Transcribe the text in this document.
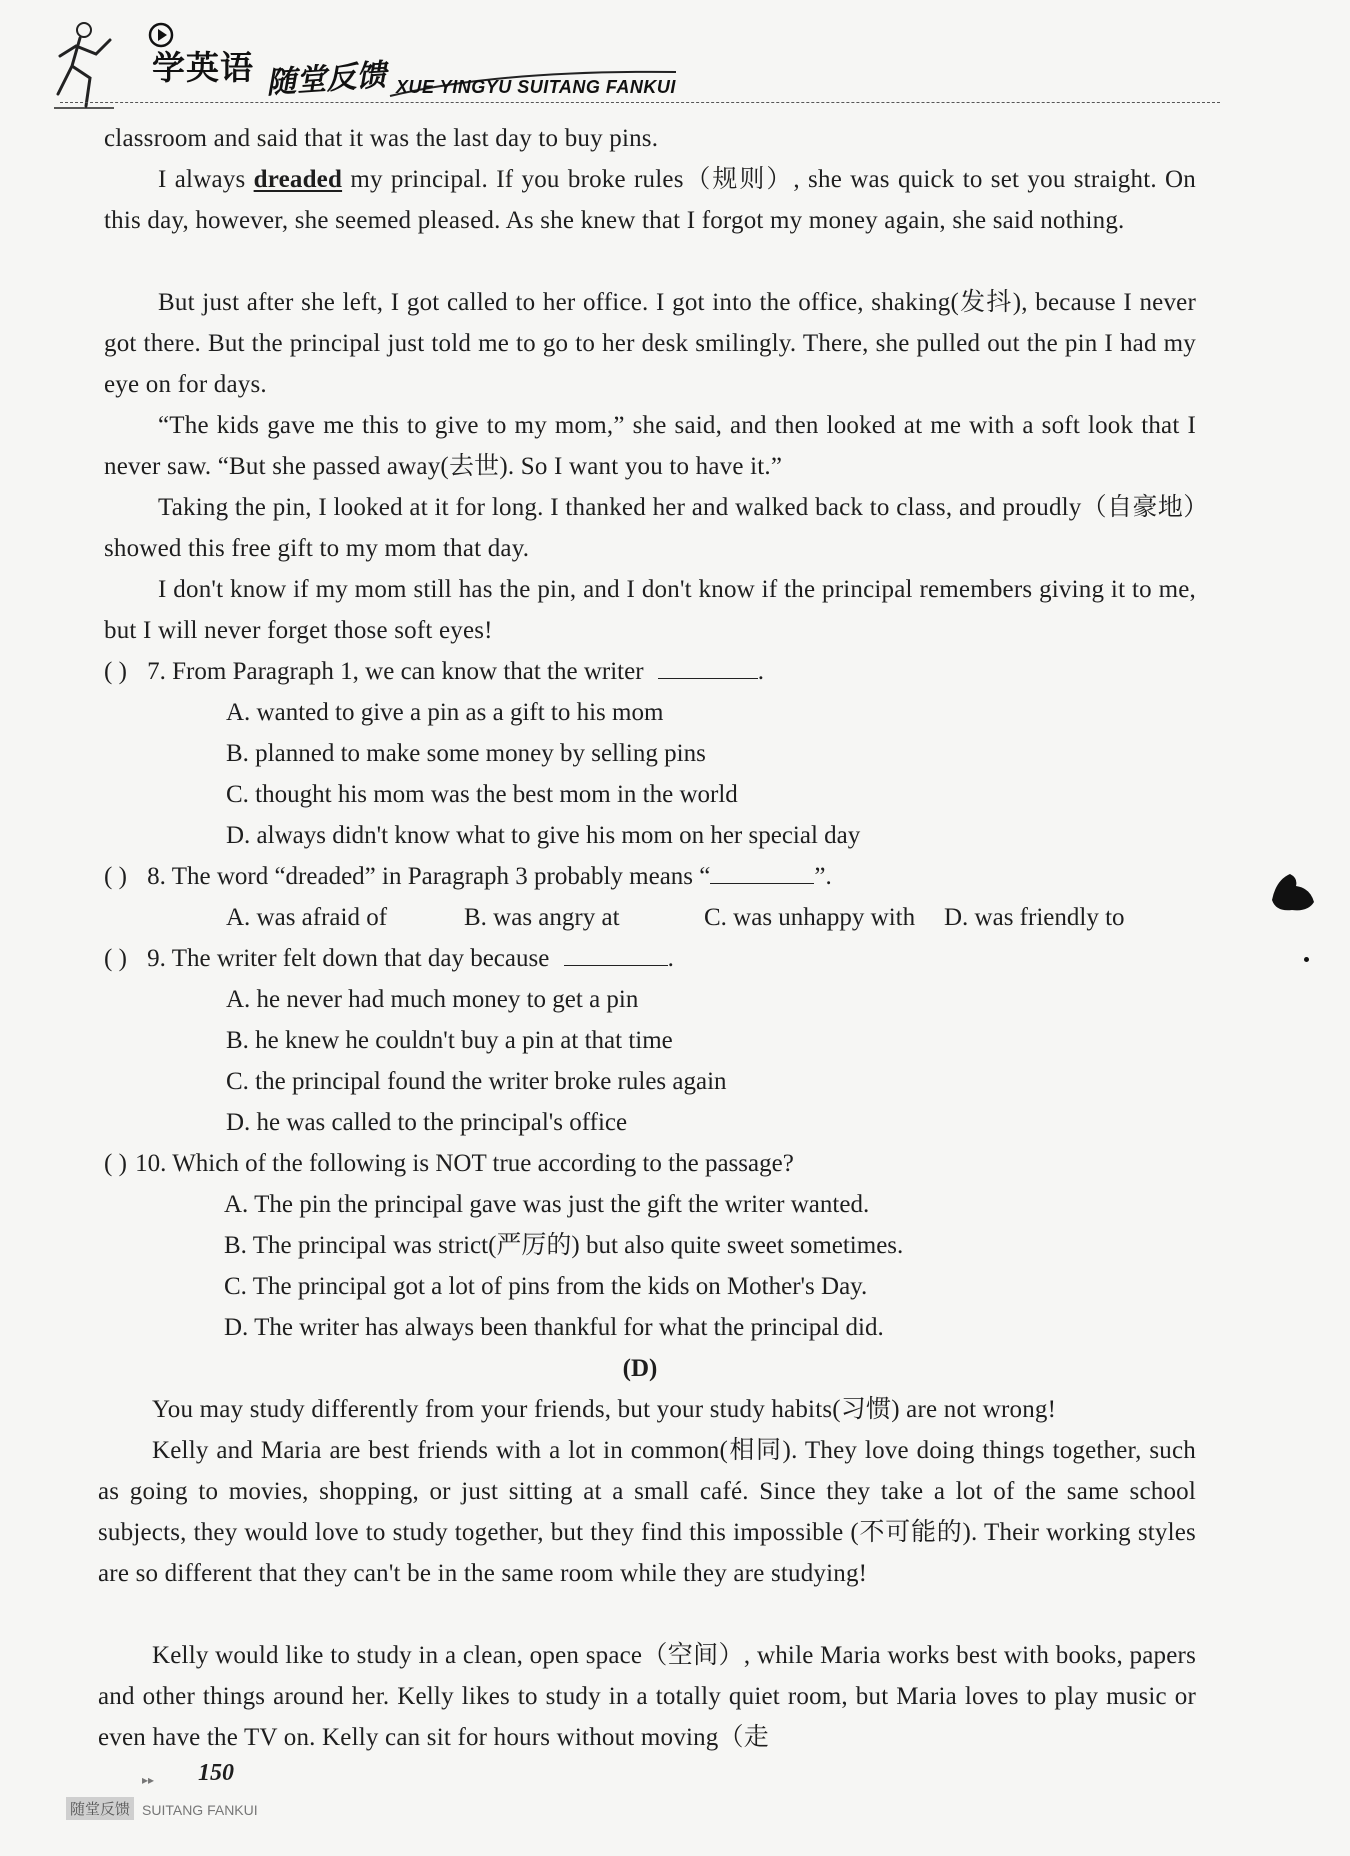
学英语 随堂反馈 XUE YINGYU SUITANG FANKUI
classroom and said that it was the last day to buy pins.
I always dreaded my principal. If you broke rules（规则）, she was quick to set you straight. On this day, however, she seemed pleased. As she knew that I forgot my money again, she said nothing.
But just after she left, I got called to her office. I got into the office, shaking(发抖), because I never got there. But the principal just told me to go to her desk smilingly. There, she pulled out the pin I had my eye on for days.
“The kids gave me this to give to my mom,” she said, and then looked at me with a soft look that I never saw. “But she passed away(去世). So I want you to have it.”
Taking the pin, I looked at it for long. I thanked her and walked back to class, and proudly（自豪地）showed this free gift to my mom that day.
I don't know if my mom still has the pin, and I don't know if the principal remembers giving it to me, but I will never forget those soft eyes!
( ) 7. From Paragraph 1, we can know that the writer	.
A. wanted to give a pin as a gift to his mom
B. planned to make some money by selling pins
C. thought his mom was the best mom in the world
D. always didn't know what to give his mom on her special day
( ) 8. The word “dreaded” in Paragraph 3 probably means “	”.
A. was afraid of	B. was angry at	C. was unhappy with D. was friendly to
( ) 9. The writer felt down that day because	.
A. he never had much money to get a pin
B. he knew he couldn't buy a pin at that time
C. the principal found the writer broke rules again
D. he was called to the principal's office
( ) 10. Which of the following is NOT true according to the passage?
A. The pin the principal gave was just the gift the writer wanted.
B. The principal was strict(严厉的) but also quite sweet sometimes.
C. The principal got a lot of pins from the kids on Mother's Day.
D. The writer has always been thankful for what the principal did.
(D)
You may study differently from your friends, but your study habits(习惯) are not wrong!
Kelly and Maria are best friends with a lot in common(相同). They love doing things together, such as going to movies, shopping, or just sitting at a small café. Since they take a lot of the same school subjects, they would love to study together, but they find this impossible (不可能的). Their working styles are so different that they can't be in the same room while they are studying!
Kelly would like to study in a clean, open space（空间）, while Maria works best with books, papers and other things around her. Kelly likes to study in a totally quiet room, but Maria loves to play music or even have the TV on. Kelly can sit for hours without moving（走
▸▸ 150
随堂反馈 SUITANG FANKUI
